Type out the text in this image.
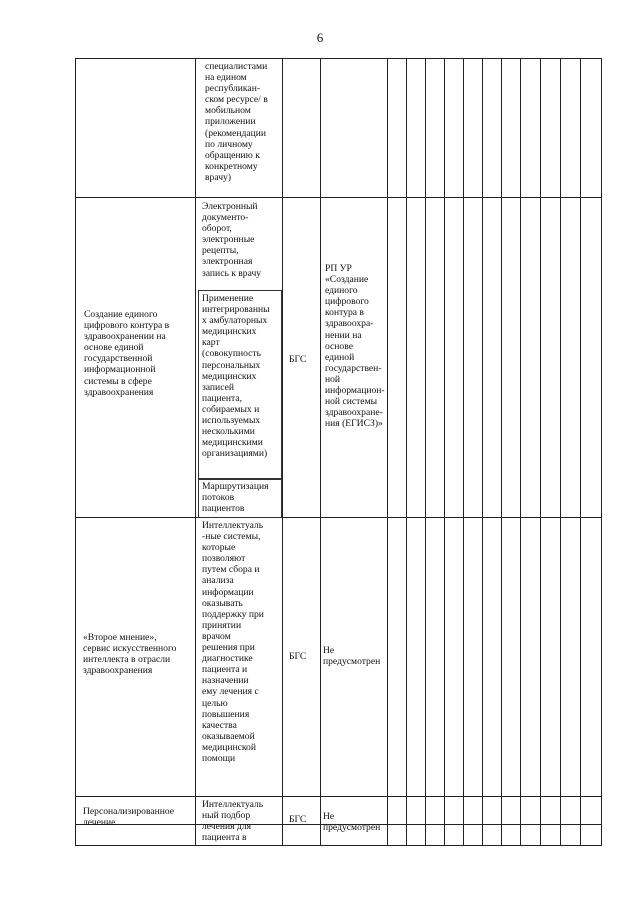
6
специалистами
на едином
республикан-
ском ресурсе/ в
мобильном
приложении
(рекомендации
по личному
обращению к
конкретному
врачу)
Создание единого
цифрового контура в
здравоохранении на
основе единой
государственной
информационной
системы в сфере
здравоохранения
Электронный
документо-
оборот,
электронные
рецепты,
электронная
запись к врачу
Применение
интегрированны
х амбулаторных
медицинских
карт
(совокупность
персональных
медицинских
записей
пациента,
собираемых и
используемых
несколькими
медицинскими
организациями)
Маршрутизация
потоков
пациентов
БГС
РП УР
«Создание
единого
цифрового
контура в
здравоохра-
нении на
основе
единой
государствен-
ной
информацион-
ной системы
здравоохране-
ния (ЕГИСЗ)»
«Второе мнение»,
сервис искусственного
интеллекта в отрасли
здравоохранения
Интеллектуаль
-ные системы,
которые
позволяют
путем сбора и
анализа
информации
оказывать
поддержку при
принятии
врачом
решения при
диагностике
пациента и
назначении
ему лечения с
целью
повышения
качества
оказываемой
медицинской
помощи
БГС
Не
предусмотрен
Персонализированное
лечение
Интеллектуаль
ный подбор
лечения для
пациента в
БГС	Не
предусмотрен
